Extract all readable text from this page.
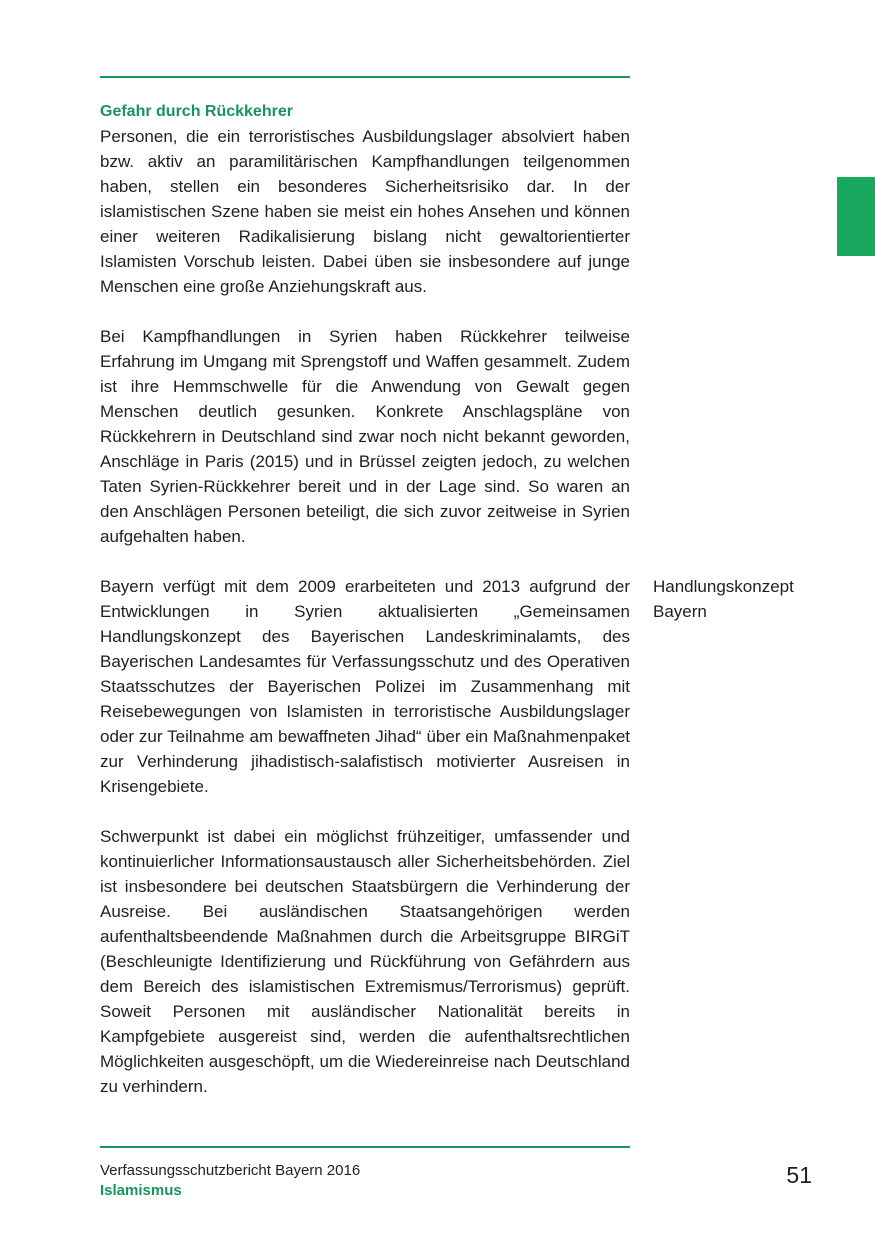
Gefahr durch Rückkehrer

Personen, die ein terroristisches Ausbildungslager absolviert haben bzw. aktiv an paramilitärischen Kampfhandlungen teilgenommen haben, stellen ein besonderes Sicherheitsrisiko dar. In der islamistischen Szene haben sie meist ein hohes Ansehen und können einer weiteren Radikalisierung bislang nicht gewaltorientierter Islamisten Vorschub leisten. Dabei üben sie insbesondere auf junge Menschen eine große Anziehungskraft aus.

Bei Kampfhandlungen in Syrien haben Rückkehrer teilweise Erfahrung im Umgang mit Sprengstoff und Waffen gesammelt. Zudem ist ihre Hemmschwelle für die Anwendung von Gewalt gegen Menschen deutlich gesunken. Konkrete Anschlagspläne von Rückkehrern in Deutschland sind zwar noch nicht bekannt geworden, Anschläge in Paris (2015) und in Brüssel zeigten jedoch, zu welchen Taten Syrien-Rückkehrer bereit und in der Lage sind. So waren an den Anschlägen Personen beteiligt, die sich zuvor zeitweise in Syrien aufgehalten haben.

Bayern verfügt mit dem 2009 erarbeiteten und 2013 aufgrund der Entwicklungen in Syrien aktualisierten „Gemeinsamen Handlungskonzept des Bayerischen Landeskriminalamts, des Bayerischen Landesamtes für Verfassungsschutz und des Operativen Staatsschutzes der Bayerischen Polizei im Zusammenhang mit Reisebewegungen von Islamisten in terroristische Ausbildungslager oder zur Teilnahme am bewaffneten Jihad“ über ein Maßnahmenpaket zur Verhinderung jihadistisch-salafistisch motivierter Ausreisen in Krisengebiete.

Schwerpunkt ist dabei ein möglichst frühzeitiger, umfassender und kontinuierlicher Informationsaustausch aller Sicherheitsbehörden. Ziel ist insbesondere bei deutschen Staatsbürgern die Verhinderung der Ausreise. Bei ausländischen Staatsangehörigen werden aufenthaltsbeendende Maßnahmen durch die Arbeitsgruppe BIRGiT (Beschleunigte Identifizierung und Rückführung von Gefährdern aus dem Bereich des islamistischen Extremismus/Terrorismus) geprüft. Soweit Personen mit ausländischer Nationalität bereits in Kampfgebiete ausgereist sind, werden die aufenthaltsrechtlichen Möglichkeiten ausgeschöpft, um die Wiedereinreise nach Deutschland zu verhindern.

Handlungskonzept
Bayern
Verfassungsschutzbericht Bayern 2016
Islamismus
51
